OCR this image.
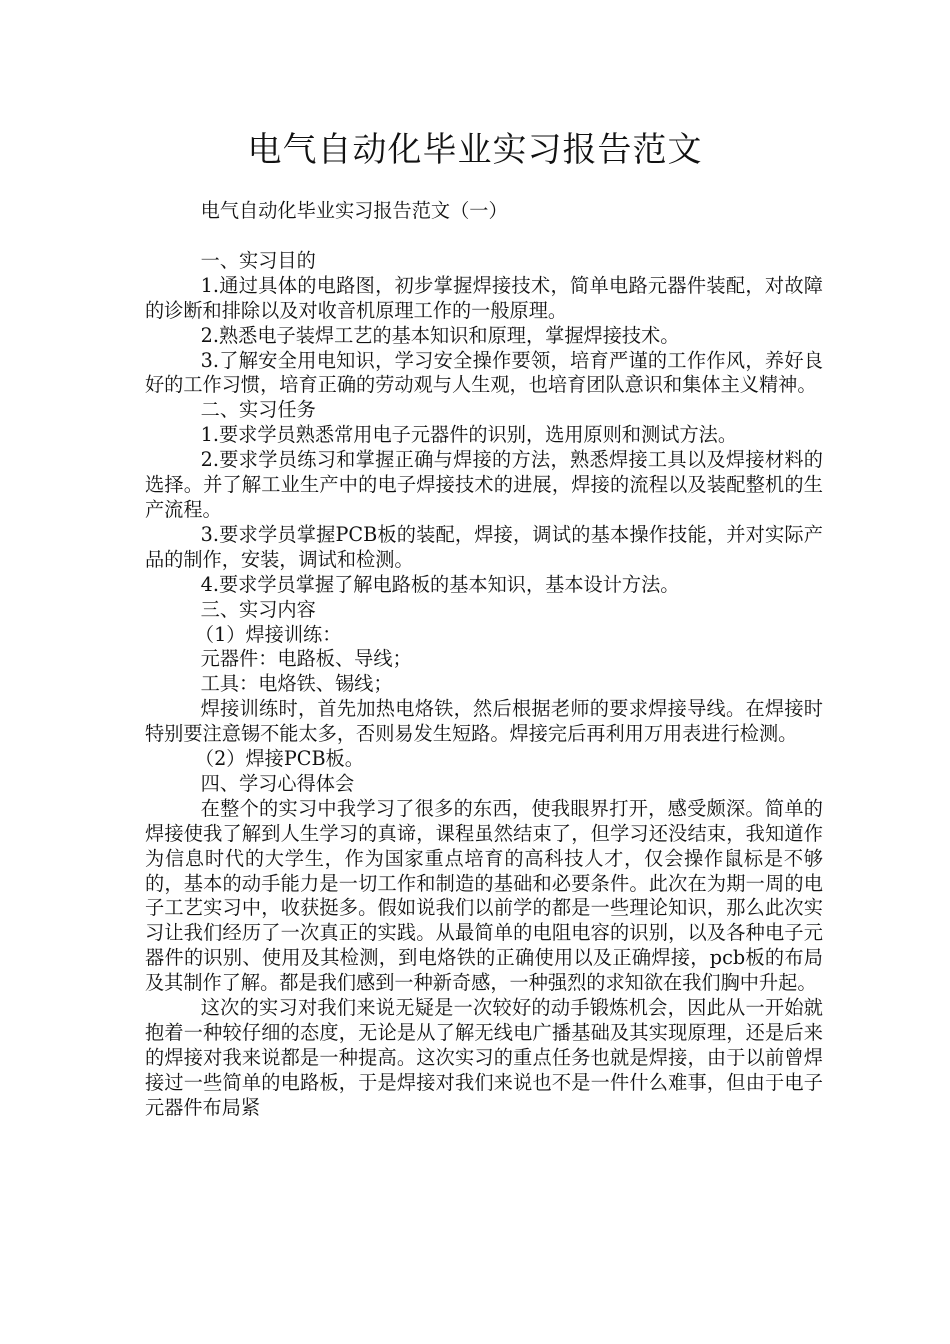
电气自动化毕业实习报告范文

电气自动化毕业实习报告范文（一）

一、实习目的

1.通过具体的电路图，初步掌握焊接技术，简单电路元器件装配，对故障的诊断和排除以及对收音机原理工作的一般原理。

2.熟悉电子装焊工艺的基本知识和原理，掌握焊接技术。

3.了解安全用电知识，学习安全操作要领，培育严谨的工作作风，养好良好的工作习惯，培育正确的劳动观与人生观，也培育团队意识和集体主义精神。

二、实习任务

1.要求学员熟悉常用电子元器件的识别，选用原则和测试方法。

2.要求学员练习和掌握正确与焊接的方法，熟悉焊接工具以及焊接材料的选择。并了解工业生产中的电子焊接技术的进展，焊接的流程以及装配整机的生产流程。

3.要求学员掌握PCB板的装配，焊接，调试的基本操作技能，并对实际产品的制作，安装，调试和检测。

4.要求学员掌握了解电路板的基本知识，基本设计方法。

三、实习内容

（1）焊接训练：

元器件：电路板、导线；

工具：电烙铁、锡线；

焊接训练时，首先加热电烙铁，然后根据老师的要求焊接导线。在焊接时特别要注意锡不能太多，否则易发生短路。焊接完后再利用万用表进行检测。

（2）焊接PCB板。

四、学习心得体会

在整个的实习中我学习了很多的东西，使我眼界打开，感受颇深。简单的焊接使我了解到人生学习的真谛，课程虽然结束了，但学习还没结束，我知道作为信息时代的大学生，作为国家重点培育的高科技人才，仅会操作鼠标是不够的，基本的动手能力是一切工作和制造的基础和必要条件。此次在为期一周的电子工艺实习中，收获挺多。假如说我们以前学的都是一些理论知识，那么此次实习让我们经历了一次真正的实践。从最简单的电阻电容的识别，以及各种电子元器件的识别、使用及其检测，到电烙铁的正确使用以及正确焊接，pcb板的布局及其制作了解。都是我们感到一种新奇感，一种强烈的求知欲在我们胸中升起。

这次的实习对我们来说无疑是一次较好的动手锻炼机会，因此从一开始就抱着一种较仔细的态度，无论是从了解无线电广播基础及其实现原理，还是后来的焊接对我来说都是一种提高。这次实习的重点任务也就是焊接，由于以前曾焊接过一些简单的电路板，于是焊接对我们来说也不是一件什么难事，但由于电子元器件布局紧
